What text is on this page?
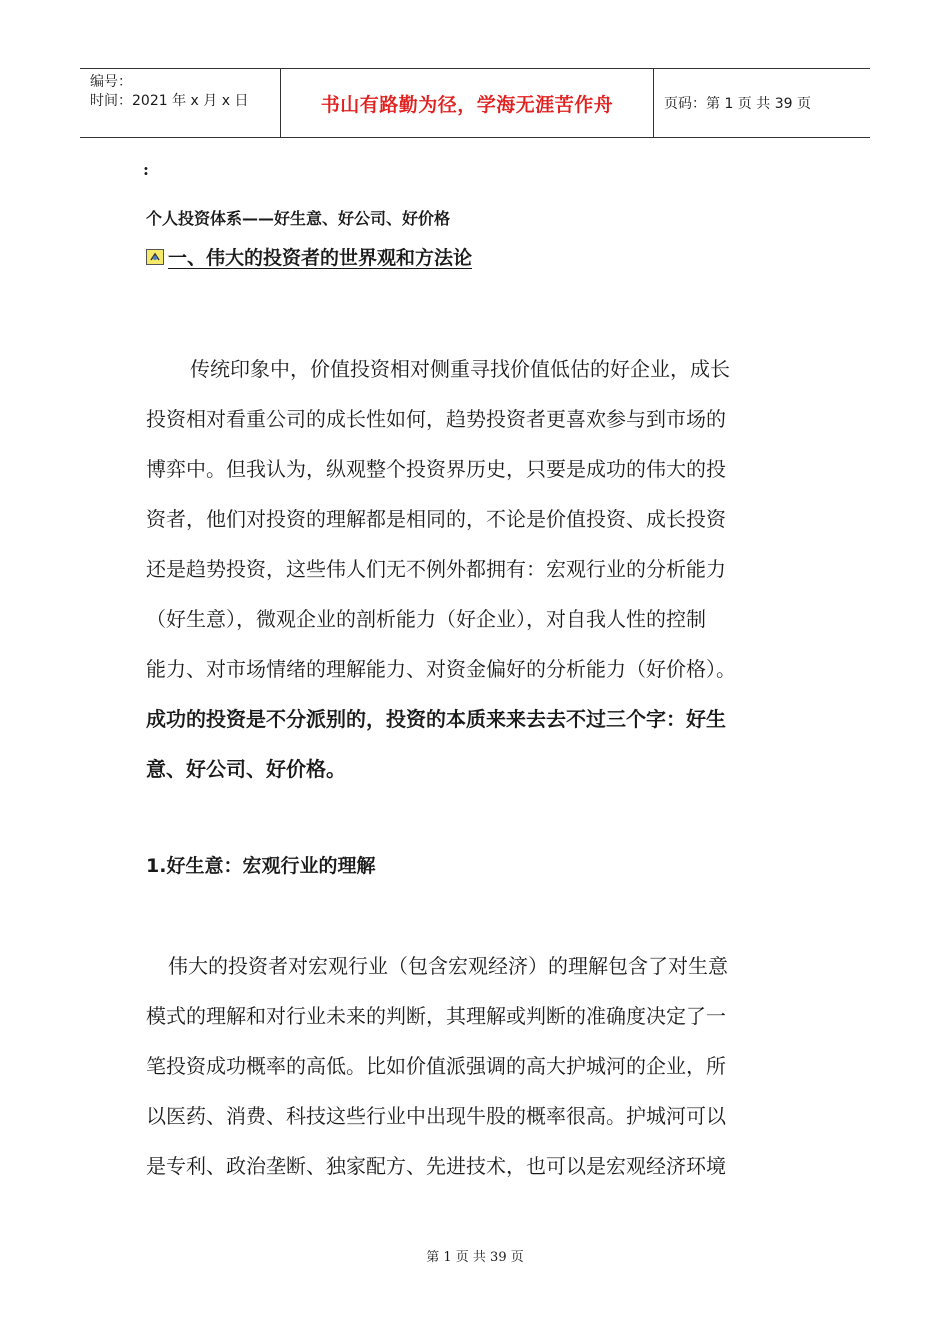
编号：
时间：2021 年 x 月 x 日	书山有路勤为径，学海无涯苦作舟	页码：第 1 页 共 39 页
:
个人投资体系——好生意、好公司、好价格
一、伟大的投资者的世界观和方法论

传统印象中，价值投资相对侧重寻找价值低估的好企业，成长

投资相对看重公司的成长性如何，趋势投资者更喜欢参与到市场的

博弈中。但我认为，纵观整个投资界历史，只要是成功的伟大的投

资者，他们对投资的理解都是相同的，不论是价值投资、成长投资

还是趋势投资，这些伟人们无不例外都拥有：宏观行业的分析能力

（好生意），微观企业的剖析能力（好企业），对自我人性的控制

能力、对市场情绪的理解能力、对资金偏好的分析能力（好价格）。

成功的投资是不分派别的，投资的本质来来去去不过三个字：好生

意、好公司、好价格。

1.好生意：宏观行业的理解

伟大的投资者对宏观行业（包含宏观经济）的理解包含了对生意

模式的理解和对行业未来的判断，其理解或判断的准确度决定了一

笔投资成功概率的高低。比如价值派强调的高大护城河的企业，所

以医药、消费、科技这些行业中出现牛股的概率很高。护城河可以

是专利、政治垄断、独家配方、先进技术，也可以是宏观经济环境

第 1 页 共 39 页
